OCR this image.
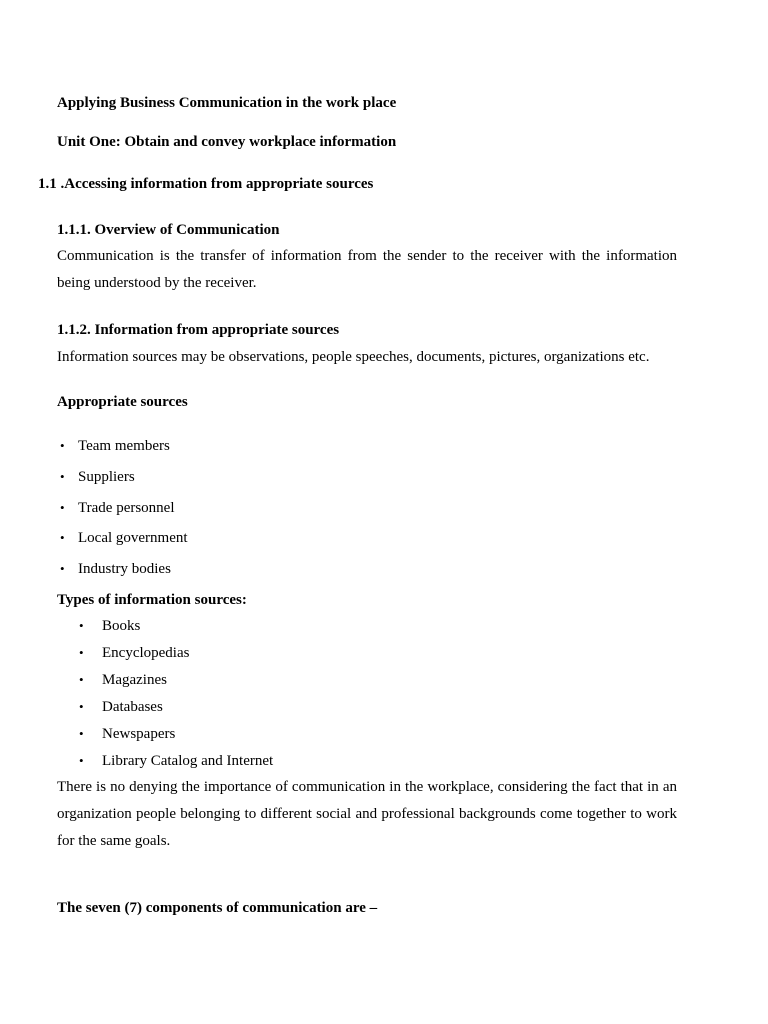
Applying Business Communication in the work place
Unit One: Obtain and convey workplace information
1.1 .Accessing information from appropriate sources
1.1.1. Overview of Communication
Communication is the transfer of information from the sender to the receiver with the information being understood by the receiver.
1.1.2. Information from appropriate sources
Information sources may be observations, people speeches, documents, pictures, organizations etc.
Appropriate sources
• Team members
• Suppliers
• Trade personnel
• Local government
• Industry bodies
Types of information sources:
• Books
• Encyclopedias
• Magazines
• Databases
• Newspapers
• Library Catalog and Internet
There is no denying the importance of communication in the workplace, considering the fact that in an organization people belonging to different social and professional backgrounds come together to work for the same goals.
The seven (7) components of communication are –
